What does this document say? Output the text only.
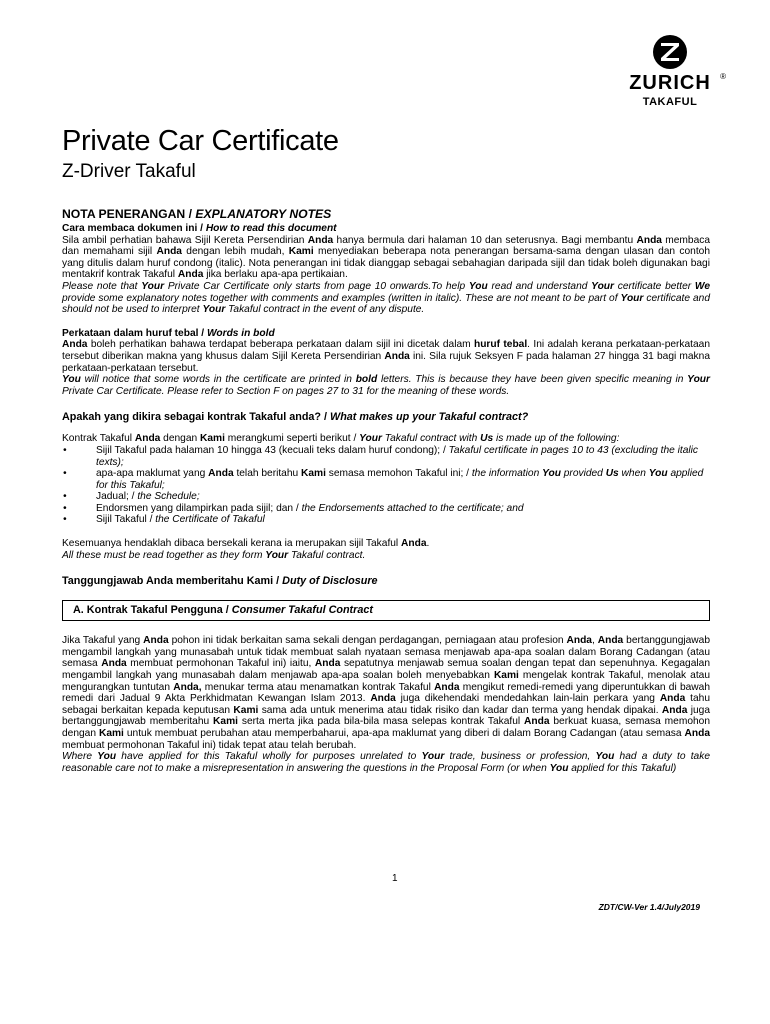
ZURICH	®
TAKAFUL
Private Car Certificate
Z-Driver Takaful

NOTA PENERANGAN / EXPLANATORY NOTES

Cara membaca dokumen ini / How to read this document

Sila ambil perhatian bahawa Sijil Kereta Persendirian Anda hanya bermula dari halaman 10 dan seterusnya. Bagi membantu Anda membaca dan memahami sijil Anda dengan lebih mudah, Kami menyediakan beberapa nota penerangan bersama-sama dengan ulasan dan contoh yang ditulis dalam huruf condong (italic). Nota penerangan ini tidak dianggap sebagai sebahagian daripada sijil dan tidak boleh digunakan bagi mentakrif kontrak Takaful Anda jika berlaku apa-apa pertikaian.

Please note that Your Private Car Certificate only starts from page 10 onwards.To help You read and understand Your certificate better We provide some explanatory notes together with comments and examples (written in italic). These are not meant to be part of Your certificate and should not be used to interpret Your Takaful contract in the event of any dispute.

Perkataan dalam huruf tebal / Words in bold

Anda boleh perhatikan bahawa terdapat beberapa perkataan dalam sijil ini dicetak dalam huruf tebal. Ini adalah kerana perkataan-perkataan tersebut diberikan makna yang khusus dalam Sijil Kereta Persendirian Anda ini. Sila rujuk Seksyen F pada halaman 27 hingga 31 bagi makna perkataan-perkataan tersebut.

You will notice that some words in the certificate are printed in bold letters. This is because they have been given specific meaning in Your Private Car Certificate. Please refer to Section F on pages 27 to 31 for the meaning of these words.

Apakah yang dikira sebagai kontrak Takaful anda? / What makes up your Takaful contract?

Kontrak Takaful Anda dengan Kami merangkumi seperti berikut / Your Takaful contract with Us is made up of the following:

•	Sijil Takaful pada halaman 10 hingga 43 (kecuali teks dalam huruf condong); / Takaful certificate in pages 10 to 43 (excluding the italic texts);
•	apa-apa maklumat yang Anda telah beritahu Kami semasa memohon Takaful ini; / the information You provided Us when You applied for this Takaful;
•	Jadual; / the Schedule;
•	Endorsmen yang dilampirkan pada sijil; dan / the Endorsements attached to the certificate; and
•	Sijil Takaful / the Certificate of Takaful

Kesemuanya hendaklah dibaca bersekali kerana ia merupakan sijil Takaful Anda.

All these must be read together as they form Your Takaful contract.

Tanggungjawab Anda memberitahu Kami / Duty of Disclosure

A. Kontrak Takaful Pengguna / Consumer Takaful Contract

Jika Takaful yang Anda pohon ini tidak berkaitan sama sekali dengan perdagangan, perniagaan atau profesion Anda, Anda bertanggungjawab mengambil langkah yang munasabah untuk tidak membuat salah nyataan semasa menjawab apa-apa soalan dalam Borang Cadangan (atau semasa Anda membuat permohonan Takaful ini) iaitu, Anda sepatutnya menjawab semua soalan dengan tepat dan sepenuhnya. Kegagalan mengambil langkah yang munasabah dalam menjawab apa-apa soalan boleh menyebabkan Kami mengelak kontrak Takaful, menolak atau mengurangkan tuntutan Anda, menukar terma atau menamatkan kontrak Takaful Anda mengikut remedi-remedi yang diperuntukkan di bawah remedi dari Jadual 9 Akta Perkhidmatan Kewangan Islam 2013. Anda juga dikehendaki mendedahkan lain-lain perkara yang Anda tahu sebagai berkaitan kepada keputusan Kami sama ada untuk menerima atau tidak risiko dan kadar dan terma yang hendak dipakai. Anda juga bertanggungjawab memberitahu Kami serta merta jika pada bila-bila masa selepas kontrak Takaful Anda berkuat kuasa, semasa memohon dengan Kami untuk membuat perubahan atau memperbaharui, apa-apa maklumat yang diberi di dalam Borang Cadangan (atau semasa Anda membuat permohonan Takaful ini) tidak tepat atau telah berubah.

Where You have applied for this Takaful wholly for purposes unrelated to Your trade, business or profession, You had a duty to take reasonable care not to make a misrepresentation in answering the questions in the Proposal Form (or when You applied for this Takaful)

1
ZDT/CW-Ver 1.4/July2019
